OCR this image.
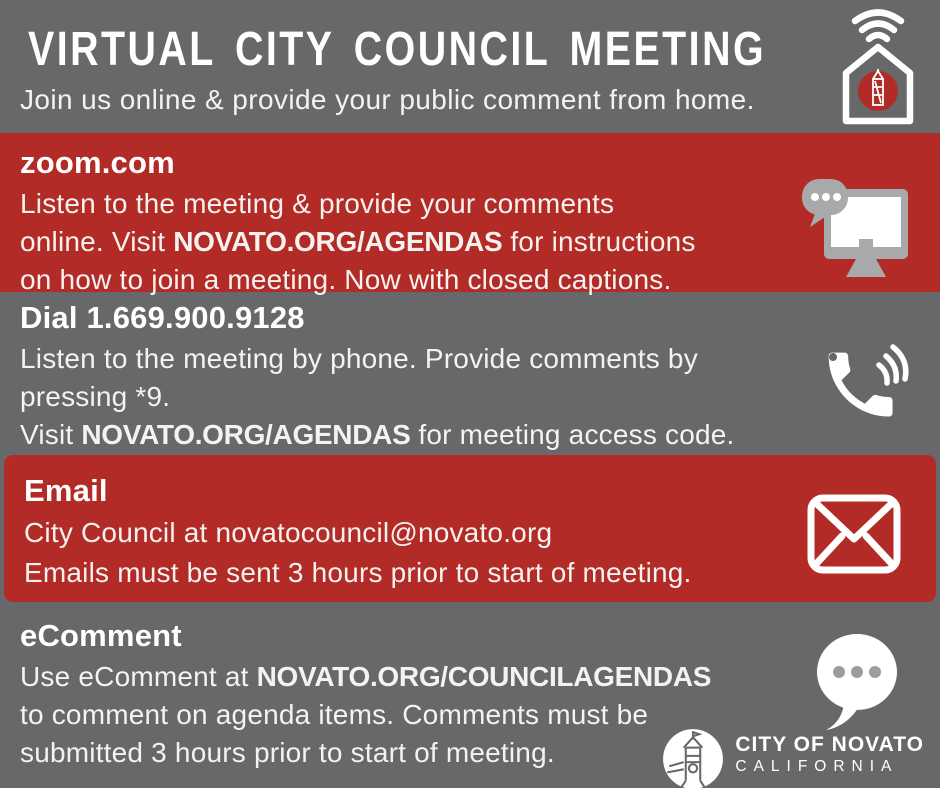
VIRTUAL CITY COUNCIL MEETING

Join us online & provide your public comment from home.

zoom.com
Listen to the meeting & provide your comments
online. Visit NOVATO.ORG/AGENDAS for instructions
on how to join a meeting. Now with closed captions.
Dial 1.669.900.9128
Listen to the meeting by phone. Provide comments by
pressing *9.
Visit NOVATO.ORG/AGENDAS for meeting access code.
Email
City Council at novatocouncil@novato.org
Emails must be sent 3 hours prior to start of meeting.
eComment
Use eComment at NOVATO.ORG/COUNCILAGENDAS
to comment on agenda items. Comments must be
submitted 3 hours prior to start of meeting.	CITY OF NOVATO
CALIFORNIA
